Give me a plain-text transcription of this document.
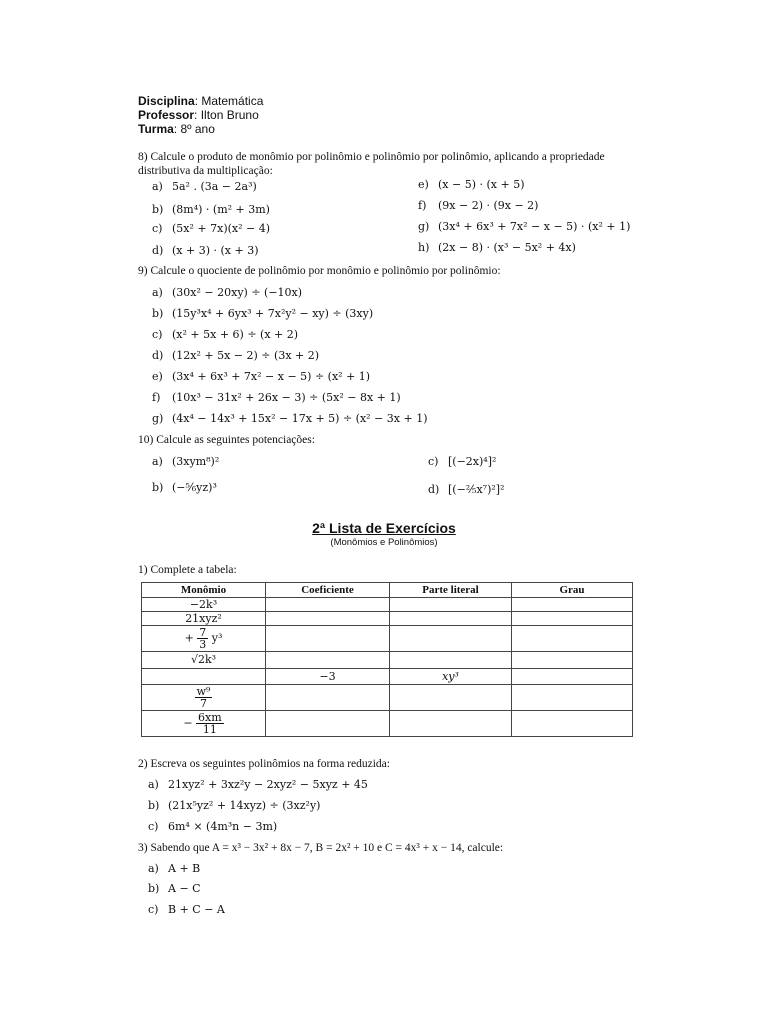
Disciplina: Matemática
Professor: Ilton Bruno
Turma: 8º ano
8) Calcule o produto de monômio por polinômio e polinômio por polinômio, aplicando a propriedade distributiva da multiplicação:
a) 5a² . (3a − 2a³)
b) (8m⁴) · (m² + 3m)
c) (5x² + 7x)(x² − 4)
d) (x + 3) · (x + 3)
e) (x − 5) · (x + 5)
f) (9x − 2) · (9x − 2)
g) (3x⁴ + 6x³ + 7x² − x − 5) · (x² + 1)
h) (2x − 8) · (x³ − 5x² + 4x)
9) Calcule o quociente de polinômio por monômio e polinômio por polinômio:
a) (30x² − 20xy) ÷ (−10x)
b) (15y³x⁴ + 6yx³ + 7x²y² − xy) ÷ (3xy)
c) (x² + 5x + 6) ÷ (x + 2)
d) (12x² + 5x − 2) ÷ (3x + 2)
e) (3x⁴ + 6x³ + 7x² − x − 5) ÷ (x² + 1)
f) (10x³ − 31x² + 26x − 3) ÷ (5x² − 8x + 1)
g) (4x⁴ − 14x³ + 15x² − 17x + 5) ÷ (x² − 3x + 1)
10) Calcule as seguintes potenciações:
a) (3xym⁸)²
b) (−⁵⁄₆yz)³
c) [(−2x)⁴]²
d) [(−²⁄₅x⁷)²]²
2ª Lista de Exercícios
(Monômios e Polinômios)
1) Complete a tabela:
Monômio	Coeficiente	Parte literal	Grau
−2k³			
21xyz²			
+ $\frac{7}{3} y^3$			
√2k³			
	−3	xy³	

$\frac{\text{w⁹}}{7}$

− $\frac{6xm}{11}$

2) Escreva os seguintes polinômios na forma reduzida:
a) 21xyz² + 3xz²y − 2xyz² − 5xyz + 45
b) (21x⁵yz² + 14xyz) ÷ (3xz²y)
c) 6m⁴ × (4m³n − 3m)
3) Sabendo que A = x³ − 3x² + 8x − 7, B = 2x² + 10 e C = 4x³ + x − 14, calcule:
a) A + B
b) A − C
c) B + C − A
